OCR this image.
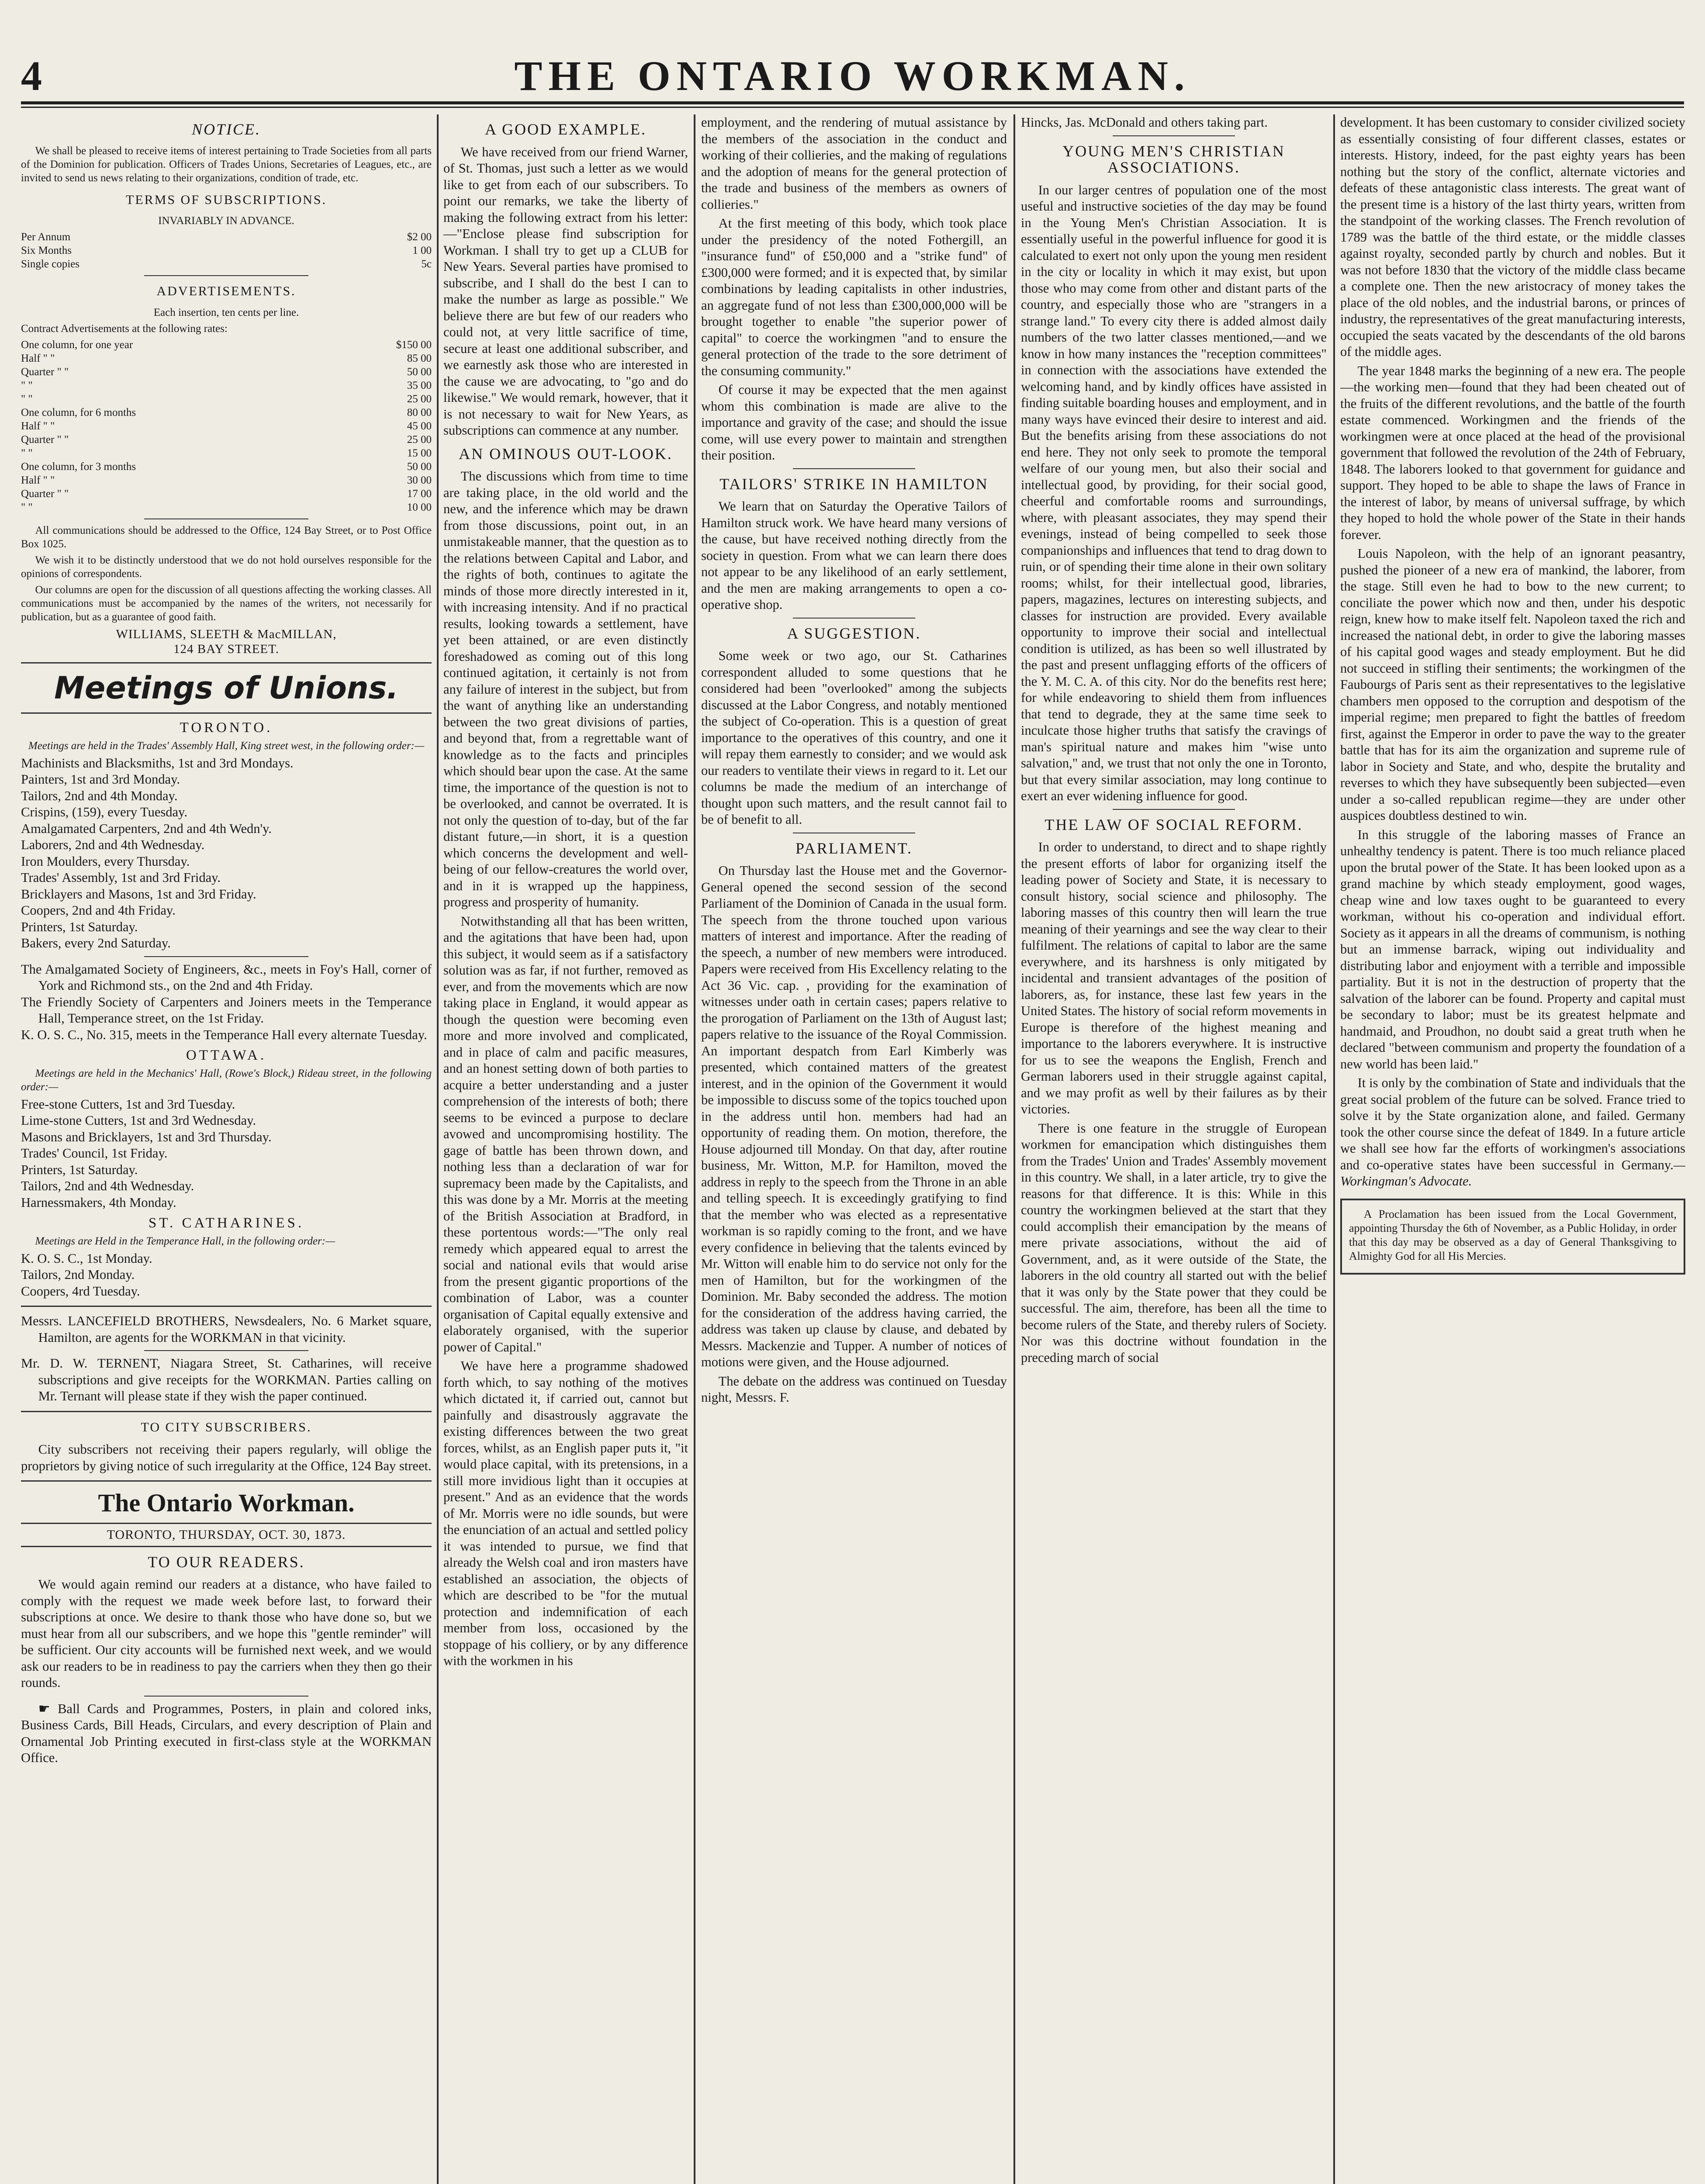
4	THE ONTARIO WORKMAN.
NOTICE.

We shall be pleased to receive items of interest pertaining to Trade Societies from all parts of the Dominion for publication. Officers of Trades Unions, Secretaries of Leagues, etc., are invited to send us news relating to their organizations, condition of trade, etc.

TERMS OF SUBSCRIPTIONS.

INVARIABLY IN ADVANCE.

Per Annum	$2 00
Six Months	1 00
Single copies	5c
ADVERTISEMENTS.

Each insertion, ten cents per line.

Contract Advertisements at the following rates:

One column, for one year	$150 00
Half " "	85 00
Quarter " "	50 00
" "	35 00
" "	25 00
One column, for 6 months	80 00
Half " "	45 00
Quarter " "	25 00
" "	15 00
One column, for 3 months	50 00
Half " "	30 00
Quarter " "	17 00
" "	10 00

All communications should be addressed to the Office, 124 Bay Street, or to Post Office Box 1025.

We wish it to be distinctly understood that we do not hold ourselves responsible for the opinions of correspondents.

Our columns are open for the discussion of all questions affecting the working classes. All communications must be accompanied by the names of the writers, not necessarily for publication, but as a guarantee of good faith.

WILLIAMS, SLEETH & MacMILLAN,
124 BAY STREET.
Meetings of Unions.
TORONTO.

Meetings are held in the Trades' Assembly Hall, King street west, in the following order:—

Machinists and Blacksmiths, 1st and 3rd Mondays.
Painters, 1st and 3rd Monday.
Tailors, 2nd and 4th Monday.
Crispins, (159), every Tuesday.
Amalgamated Carpenters, 2nd and 4th Wedn'y.
Laborers, 2nd and 4th Wednesday.
Iron Moulders, every Thursday.
Trades' Assembly, 1st and 3rd Friday.
Bricklayers and Masons, 1st and 3rd Friday.
Coopers, 2nd and 4th Friday.
Printers, 1st Saturday.
Bakers, every 2nd Saturday.
The Amalgamated Society of Engineers, &c., meets in Foy's Hall, corner of York and Richmond sts., on the 2nd and 4th Friday.
The Friendly Society of Carpenters and Joiners meets in the Temperance Hall, Temperance street, on the 1st Friday.
K. O. S. C., No. 315, meets in the Temperance Hall every alternate Tuesday.
OTTAWA.

Meetings are held in the Mechanics' Hall, (Rowe's Block,) Rideau street, in the following order:—

Free-stone Cutters, 1st and 3rd Tuesday.
Lime-stone Cutters, 1st and 3rd Wednesday.
Masons and Bricklayers, 1st and 3rd Thursday.
Trades' Council, 1st Friday.
Printers, 1st Saturday.
Tailors, 2nd and 4th Wednesday.
Harnessmakers, 4th Monday.
ST. CATHARINES.

Meetings are Held in the Temperance Hall, in the following order:—

K. O. S. C., 1st Monday.
Tailors, 2nd Monday.
Coopers, 4rd Tuesday.

Messrs. LANCEFIELD BROTHERS, Newsdealers, No. 6 Market square, Hamilton, are agents for the WORKMAN in that vicinity.

Mr. D. W. TERNENT, Niagara Street, St. Catharines, will receive subscriptions and give receipts for the WORKMAN. Parties calling on Mr. Ternant will please state if they wish the paper continued.

TO CITY SUBSCRIBERS.

City subscribers not receiving their papers regularly, will oblige the proprietors by giving notice of such irregularity at the Office, 124 Bay street.

The Ontario Workman.
TORONTO, THURSDAY, OCT. 30, 1873.
TO OUR READERS.

We would again remind our readers at a distance, who have failed to comply with the request we made week before last, to forward their subscriptions at once. We desire to thank those who have done so, but we must hear from all our subscribers, and we hope this "gentle reminder" will be sufficient. Our city accounts will be furnished next week, and we would ask our readers to be in readiness to pay the carriers when they then go their rounds.

☛ Ball Cards and Programmes, Posters, in plain and colored inks, Business Cards, Bill Heads, Circulars, and every description of Plain and Ornamental Job Printing executed in first-class style at the WORKMAN Office.

A GOOD EXAMPLE.

We have received from our friend Warner, of St. Thomas, just such a letter as we would like to get from each of our subscribers. To point our remarks, we take the liberty of making the following extract from his letter:—"Enclose please find subscription for Workman. I shall try to get up a CLUB for New Years. Several parties have promised to subscribe, and I shall do the best I can to make the number as large as possible." We believe there are but few of our readers who could not, at very little sacrifice of time, secure at least one additional subscriber, and we earnestly ask those who are interested in the cause we are advocating, to "go and do likewise." We would remark, however, that it is not necessary to wait for New Years, as subscriptions can commence at any number.

AN OMINOUS OUT-LOOK.

The discussions which from time to time are taking place, in the old world and the new, and the inference which may be drawn from those discussions, point out, in an unmistakeable manner, that the question as to the relations between Capital and Labor, and the rights of both, continues to agitate the minds of those more directly interested in it, with increasing intensity. And if no practical results, looking towards a settlement, have yet been attained, or are even distinctly foreshadowed as coming out of this long continued agitation, it certainly is not from any failure of interest in the subject, but from the want of anything like an understanding between the two great divisions of parties, and beyond that, from a regrettable want of knowledge as to the facts and principles which should bear upon the case. At the same time, the importance of the question is not to be overlooked, and cannot be overrated. It is not only the question of to-day, but of the far distant future,—in short, it is a question which concerns the development and well-being of our fellow-creatures the world over, and in it is wrapped up the happiness, progress and prosperity of humanity.

Notwithstanding all that has been written, and the agitations that have been had, upon this subject, it would seem as if a satisfactory solution was as far, if not further, removed as ever, and from the movements which are now taking place in England, it would appear as though the question were becoming even more and more involved and complicated, and in place of calm and pacific measures, and an honest setting down of both parties to acquire a better understanding and a juster comprehension of the interests of both; there seems to be evinced a purpose to declare avowed and uncompromising hostility. The gage of battle has been thrown down, and nothing less than a declaration of war for supremacy been made by the Capitalists, and this was done by a Mr. Morris at the meeting of the British Association at Bradford, in these portentous words:—"The only real remedy which appeared equal to arrest the social and national evils that would arise from the present gigantic proportions of the combination of Labor, was a counter organisation of Capital equally extensive and elaborately organised, with the superior power of Capital."

We have here a programme shadowed forth which, to say nothing of the motives which dictated it, if carried out, cannot but painfully and disastrously aggravate the existing differences between the two great forces, whilst, as an English paper puts it, "it would place capital, with its pretensions, in a still more invidious light than it occupies at present." And as an evidence that the words of Mr. Morris were no idle sounds, but were the enunciation of an actual and settled policy it was intended to pursue, we find that already the Welsh coal and iron masters have established an association, the objects of which are described to be "for the mutual protection and indemnification of each member from loss, occasioned by the stoppage of his colliery, or by any difference with the workmen in his

employment, and the rendering of mutual assistance by the members of the association in the conduct and working of their collieries, and the making of regulations and the adoption of means for the general protection of the trade and business of the members as owners of collieries."

At the first meeting of this body, which took place under the presidency of the noted Fothergill, an "insurance fund" of £50,000 and a "strike fund" of £300,000 were formed; and it is expected that, by similar combinations by leading capitalists in other industries, an aggregate fund of not less than £300,000,000 will be brought together to enable "the superior power of capital" to coerce the workingmen "and to ensure the general protection of the trade to the sore detriment of the consuming community."

Of course it may be expected that the men against whom this combination is made are alive to the importance and gravity of the case; and should the issue come, will use every power to maintain and strengthen their position.

TAILORS' STRIKE IN HAMILTON

We learn that on Saturday the Operative Tailors of Hamilton struck work. We have heard many versions of the cause, but have received nothing directly from the society in question. From what we can learn there does not appear to be any likelihood of an early settlement, and the men are making arrangements to open a co-operative shop.

A SUGGESTION.

Some week or two ago, our St. Catharines correspondent alluded to some questions that he considered had been "overlooked" among the subjects discussed at the Labor Congress, and notably mentioned the subject of Co-operation. This is a question of great importance to the operatives of this country, and one it will repay them earnestly to consider; and we would ask our readers to ventilate their views in regard to it. Let our columns be made the medium of an interchange of thought upon such matters, and the result cannot fail to be of benefit to all.

PARLIAMENT.

On Thursday last the House met and the Governor-General opened the second session of the second Parliament of the Dominion of Canada in the usual form. The speech from the throne touched upon various matters of interest and importance. After the reading of the speech, a number of new members were introduced. Papers were received from His Excellency relating to the Act 36 Vic. cap. , providing for the examination of witnesses under oath in certain cases; papers relative to the prorogation of Parliament on the 13th of August last; papers relative to the issuance of the Royal Commission. An important despatch from Earl Kimberly was presented, which contained matters of the greatest interest, and in the opinion of the Government it would be impossible to discuss some of the topics touched upon in the address until hon. members had had an opportunity of reading them. On motion, therefore, the House adjourned till Monday. On that day, after routine business, Mr. Witton, M.P. for Hamilton, moved the address in reply to the speech from the Throne in an able and telling speech. It is exceedingly gratifying to find that the member who was elected as a representative workman is so rapidly coming to the front, and we have every confidence in believing that the talents evinced by Mr. Witton will enable him to do service not only for the men of Hamilton, but for the workingmen of the Dominion. Mr. Baby seconded the address. The motion for the consideration of the address having carried, the address was taken up clause by clause, and debated by Messrs. Mackenzie and Tupper. A number of notices of motions were given, and the House adjourned.

The debate on the address was continued on Tuesday night, Messrs. F.

Hincks, Jas. McDonald and others taking part.

YOUNG MEN'S CHRISTIAN ASSOCIATIONS.

In our larger centres of population one of the most useful and instructive societies of the day may be found in the Young Men's Christian Association. It is essentially useful in the powerful influence for good it is calculated to exert not only upon the young men resident in the city or locality in which it may exist, but upon those who may come from other and distant parts of the country, and especially those who are "strangers in a strange land." To every city there is added almost daily numbers of the two latter classes mentioned,—and we know in how many instances the "reception committees" in connection with the associations have extended the welcoming hand, and by kindly offices have assisted in finding suitable boarding houses and employment, and in many ways have evinced their desire to interest and aid. But the benefits arising from these associations do not end here. They not only seek to promote the temporal welfare of our young men, but also their social and intellectual good, by providing, for their social good, cheerful and comfortable rooms and surroundings, where, with pleasant associates, they may spend their evenings, instead of being compelled to seek those companionships and influences that tend to drag down to ruin, or of spending their time alone in their own solitary rooms; whilst, for their intellectual good, libraries, papers, magazines, lectures on interesting subjects, and classes for instruction are provided. Every available opportunity to improve their social and intellectual condition is utilized, as has been so well illustrated by the past and present unflagging efforts of the officers of the Y. M. C. A. of this city. Nor do the benefits rest here; for while endeavoring to shield them from influences that tend to degrade, they at the same time seek to inculcate those higher truths that satisfy the cravings of man's spiritual nature and makes him "wise unto salvation," and, we trust that not only the one in Toronto, but that every similar association, may long continue to exert an ever widening influence for good.

THE LAW OF SOCIAL REFORM.

In order to understand, to direct and to shape rightly the present efforts of labor for organizing itself the leading power of Society and State, it is necessary to consult history, social science and philosophy. The laboring masses of this country then will learn the true meaning of their yearnings and see the way clear to their fulfilment. The relations of capital to labor are the same everywhere, and its harshness is only mitigated by incidental and transient advantages of the position of laborers, as, for instance, these last few years in the United States. The history of social reform movements in Europe is therefore of the highest meaning and importance to the laborers everywhere. It is instructive for us to see the weapons the English, French and German laborers used in their struggle against capital, and we may profit as well by their failures as by their victories.

There is one feature in the struggle of European workmen for emancipation which distinguishes them from the Trades' Union and Trades' Assembly movement in this country. We shall, in a later article, try to give the reasons for that difference. It is this: While in this country the workingmen believed at the start that they could accomplish their emancipation by the means of mere private associations, without the aid of Government, and, as it were outside of the State, the laborers in the old country all started out with the belief that it was only by the State power that they could be successful. The aim, therefore, has been all the time to become rulers of the State, and thereby rulers of Society. Nor was this doctrine without foundation in the preceding march of social

development. It has been customary to consider civilized society as essentially consisting of four different classes, estates or interests. History, indeed, for the past eighty years has been nothing but the story of the conflict, alternate victories and defeats of these antagonistic class interests. The great want of the present time is a history of the last thirty years, written from the standpoint of the working classes. The French revolution of 1789 was the battle of the third estate, or the middle classes against royalty, seconded partly by church and nobles. But it was not before 1830 that the victory of the middle class became a complete one. Then the new aristocracy of money takes the place of the old nobles, and the industrial barons, or princes of industry, the representatives of the great manufacturing interests, occupied the seats vacated by the descendants of the old barons of the middle ages.

The year 1848 marks the beginning of a new era. The people—the working men—found that they had been cheated out of the fruits of the different revolutions, and the battle of the fourth estate commenced. Workingmen and the friends of the workingmen were at once placed at the head of the provisional government that followed the revolution of the 24th of February, 1848. The laborers looked to that government for guidance and support. They hoped to be able to shape the laws of France in the interest of labor, by means of universal suffrage, by which they hoped to hold the whole power of the State in their hands forever.

Louis Napoleon, with the help of an ignorant peasantry, pushed the pioneer of a new era of mankind, the laborer, from the stage. Still even he had to bow to the new current; to conciliate the power which now and then, under his despotic reign, knew how to make itself felt. Napoleon taxed the rich and increased the national debt, in order to give the laboring masses of his capital good wages and steady employment. But he did not succeed in stifling their sentiments; the workingmen of the Faubourgs of Paris sent as their representatives to the legislative chambers men opposed to the corruption and despotism of the imperial regime; men prepared to fight the battles of freedom first, against the Emperor in order to pave the way to the greater battle that has for its aim the organization and supreme rule of labor in Society and State, and who, despite the brutality and reverses to which they have subsequently been subjected—even under a so-called republican regime—they are under other auspices doubtless destined to win.

In this struggle of the laboring masses of France an unhealthy tendency is patent. There is too much reliance placed upon the brutal power of the State. It has been looked upon as a grand machine by which steady employment, good wages, cheap wine and low taxes ought to be guaranteed to every workman, without his co-operation and individual effort. Society as it appears in all the dreams of communism, is nothing but an immense barrack, wiping out individuality and distributing labor and enjoyment with a terrible and impossible partiality. But it is not in the destruction of property that the salvation of the laborer can be found. Property and capital must be secondary to labor; must be its greatest helpmate and handmaid, and Proudhon, no doubt said a great truth when he declared "between communism and property the foundation of a new world has been laid."

It is only by the combination of State and individuals that the great social problem of the future can be solved. France tried to solve it by the State organization alone, and failed. Germany took the other course since the defeat of 1849. In a future article we shall see how far the efforts of workingmen's associations and co-operative states have been successful in Germany.—Workingman's Advocate.

A Proclamation has been issued from the Local Government, appointing Thursday the 6th of November, as a Public Holiday, in order that this day may be observed as a day of General Thanksgiving to Almighty God for all His Mercies.
